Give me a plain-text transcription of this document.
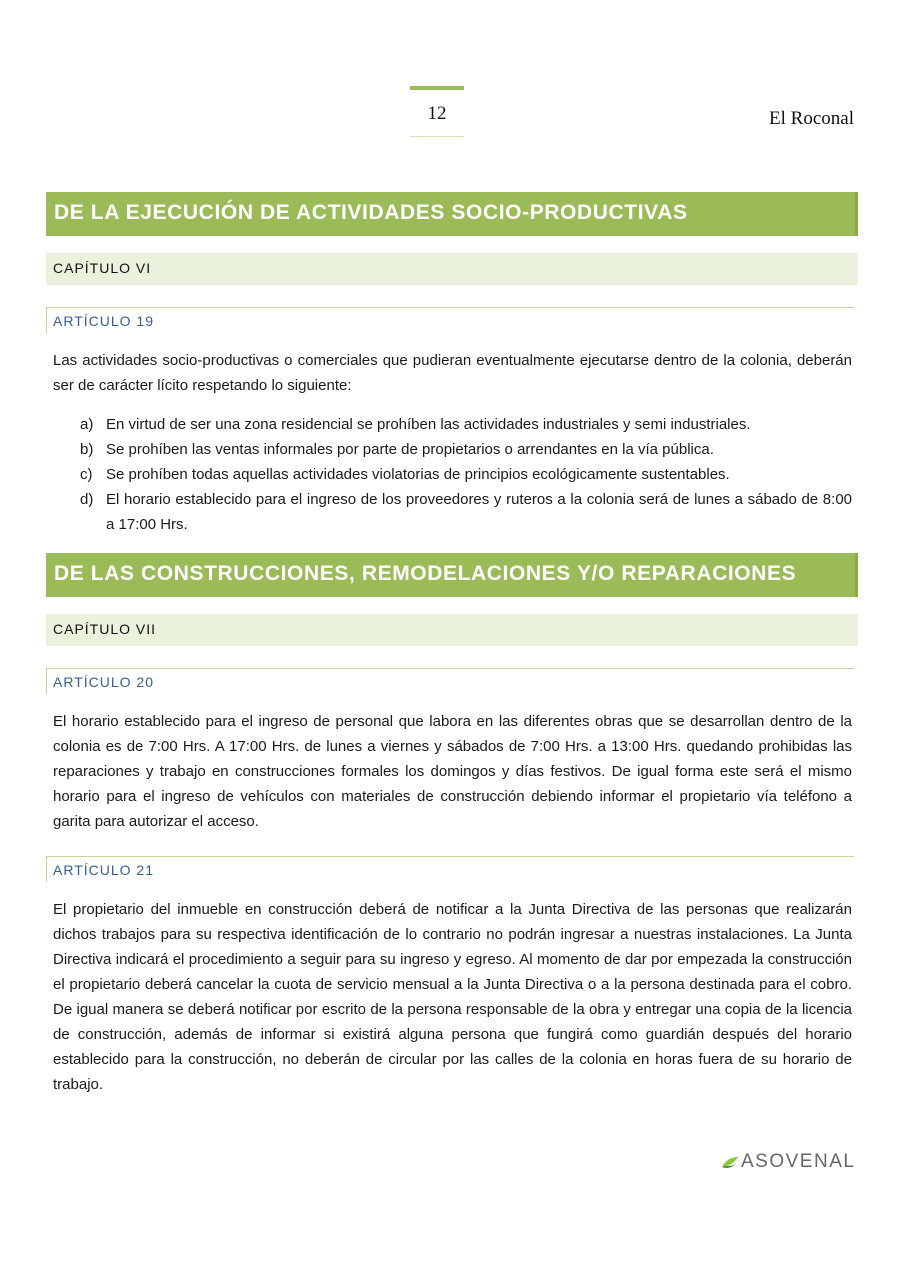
12	El Roconal
DE LA EJECUCIÓN DE ACTIVIDADES SOCIO-PRODUCTIVAS
CAPÍTULO VI
ARTÍCULO 19
Las actividades socio-productivas o comerciales que pudieran eventualmente ejecutarse dentro de la colonia, deberán ser de carácter lícito respetando lo siguiente:
a) En virtud de ser una zona residencial se prohíben las actividades industriales y semi industriales.
b) Se prohíben las ventas informales por parte de propietarios o arrendantes en la vía pública.
c) Se prohíben todas aquellas actividades violatorias de principios ecológicamente sustentables.
d) El horario establecido para el ingreso de los proveedores y ruteros a la colonia será de lunes a sábado de 8:00 a 17:00 Hrs.
DE LAS CONSTRUCCIONES, REMODELACIONES Y/O REPARACIONES
CAPÍTULO VII
ARTÍCULO 20
El horario establecido para el ingreso de personal que labora en las diferentes obras que se desarrollan dentro de la colonia es de 7:00 Hrs. A 17:00 Hrs. de lunes a viernes y sábados de 7:00 Hrs. a 13:00 Hrs. quedando prohibidas las reparaciones y trabajo en construcciones formales los domingos y días festivos. De igual forma este será el mismo horario para el ingreso de vehículos con materiales de construcción debiendo informar el propietario vía teléfono a garita para autorizar el acceso.
ARTÍCULO 21
El propietario del inmueble en construcción deberá de notificar a la Junta Directiva de las personas que realizarán dichos trabajos para su respectiva identificación de lo contrario no podrán ingresar a nuestras instalaciones. La Junta Directiva indicará el procedimiento a seguir para su ingreso y egreso. Al momento de dar por empezada la construcción el propietario deberá cancelar la cuota de servicio mensual a la Junta Directiva o a la persona destinada para el cobro. De igual manera se deberá notificar por escrito de la persona responsable de la obra y entregar una copia de la licencia de construcción, además de informar si existirá alguna persona que fungirá como guardián después del horario establecido para la construcción, no deberán de circular por las calles de la colonia en horas fuera de su horario de trabajo.
ASOVENAL
